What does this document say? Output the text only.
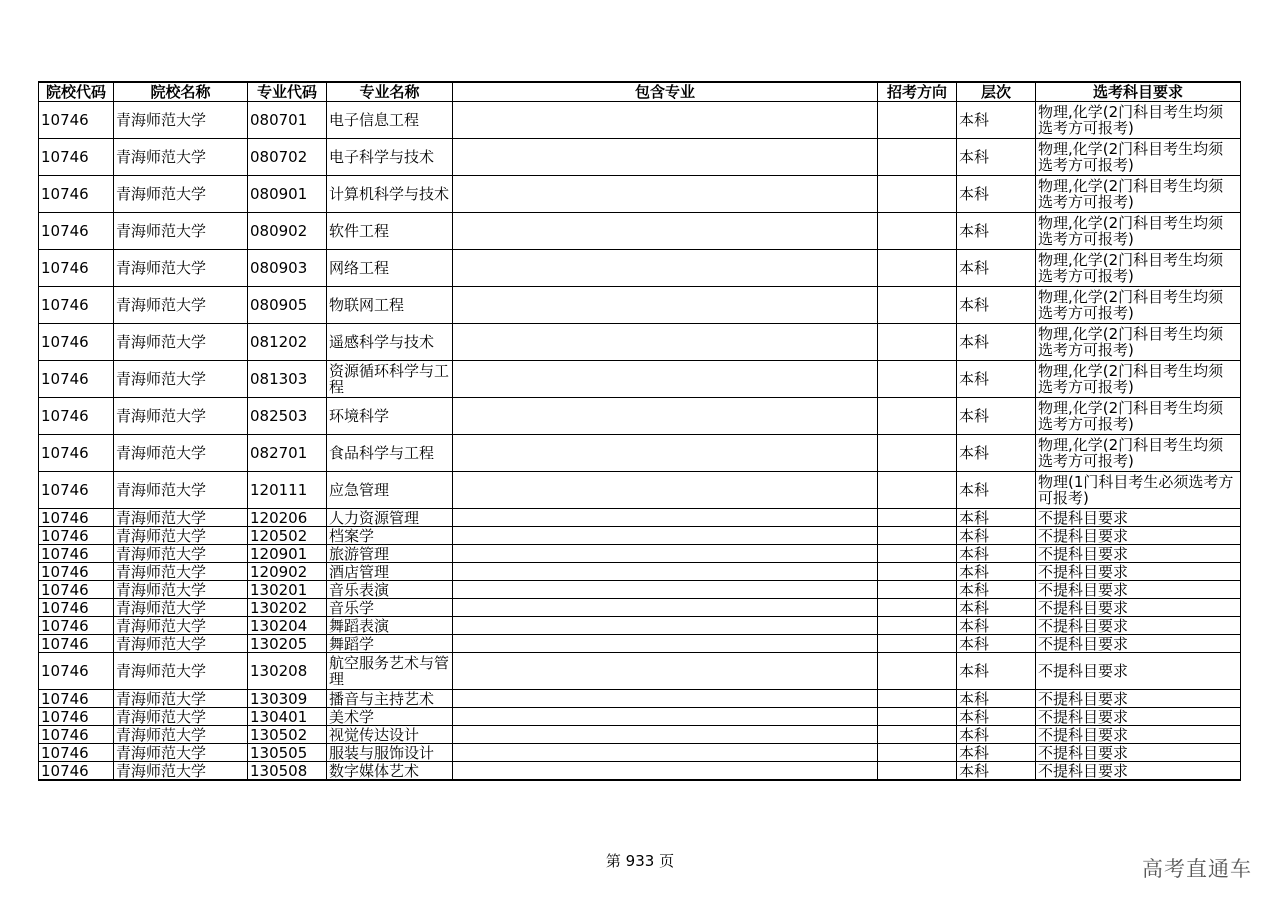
院校代码	院校名称	专业代码	专业名称	包含专业	招考方向	层次	选考科目要求
10746	青海师范大学	080701	电子信息工程			本科	物理,化学(2门科目考生均须选考方可报考)
10746	青海师范大学	080702	电子科学与技术			本科	物理,化学(2门科目考生均须选考方可报考)
10746	青海师范大学	080901	计算机科学与技术			本科	物理,化学(2门科目考生均须选考方可报考)
10746	青海师范大学	080902	软件工程			本科	物理,化学(2门科目考生均须选考方可报考)
10746	青海师范大学	080903	网络工程			本科	物理,化学(2门科目考生均须选考方可报考)
10746	青海师范大学	080905	物联网工程			本科	物理,化学(2门科目考生均须选考方可报考)
10746	青海师范大学	081202	遥感科学与技术			本科	物理,化学(2门科目考生均须选考方可报考)
10746	青海师范大学	081303	资源循环科学与工程			本科	物理,化学(2门科目考生均须选考方可报考)
10746	青海师范大学	082503	环境科学			本科	物理,化学(2门科目考生均须选考方可报考)
10746	青海师范大学	082701	食品科学与工程			本科	物理,化学(2门科目考生均须选考方可报考)
10746	青海师范大学	120111	应急管理			本科	物理(1门科目考生必须选考方可报考)
10746	青海师范大学	120206	人力资源管理			本科	不提科目要求
10746	青海师范大学	120502	档案学			本科	不提科目要求
10746	青海师范大学	120901	旅游管理			本科	不提科目要求
10746	青海师范大学	120902	酒店管理			本科	不提科目要求
10746	青海师范大学	130201	音乐表演			本科	不提科目要求
10746	青海师范大学	130202	音乐学			本科	不提科目要求
10746	青海师范大学	130204	舞蹈表演			本科	不提科目要求
10746	青海师范大学	130205	舞蹈学			本科	不提科目要求
10746	青海师范大学	130208	航空服务艺术与管理			本科	不提科目要求
10746	青海师范大学	130309	播音与主持艺术			本科	不提科目要求
10746	青海师范大学	130401	美术学			本科	不提科目要求
10746	青海师范大学	130502	视觉传达设计			本科	不提科目要求
10746	青海师范大学	130505	服装与服饰设计			本科	不提科目要求
10746	青海师范大学	130508	数字媒体艺术			本科	不提科目要求
第 933 页	高考直通车
